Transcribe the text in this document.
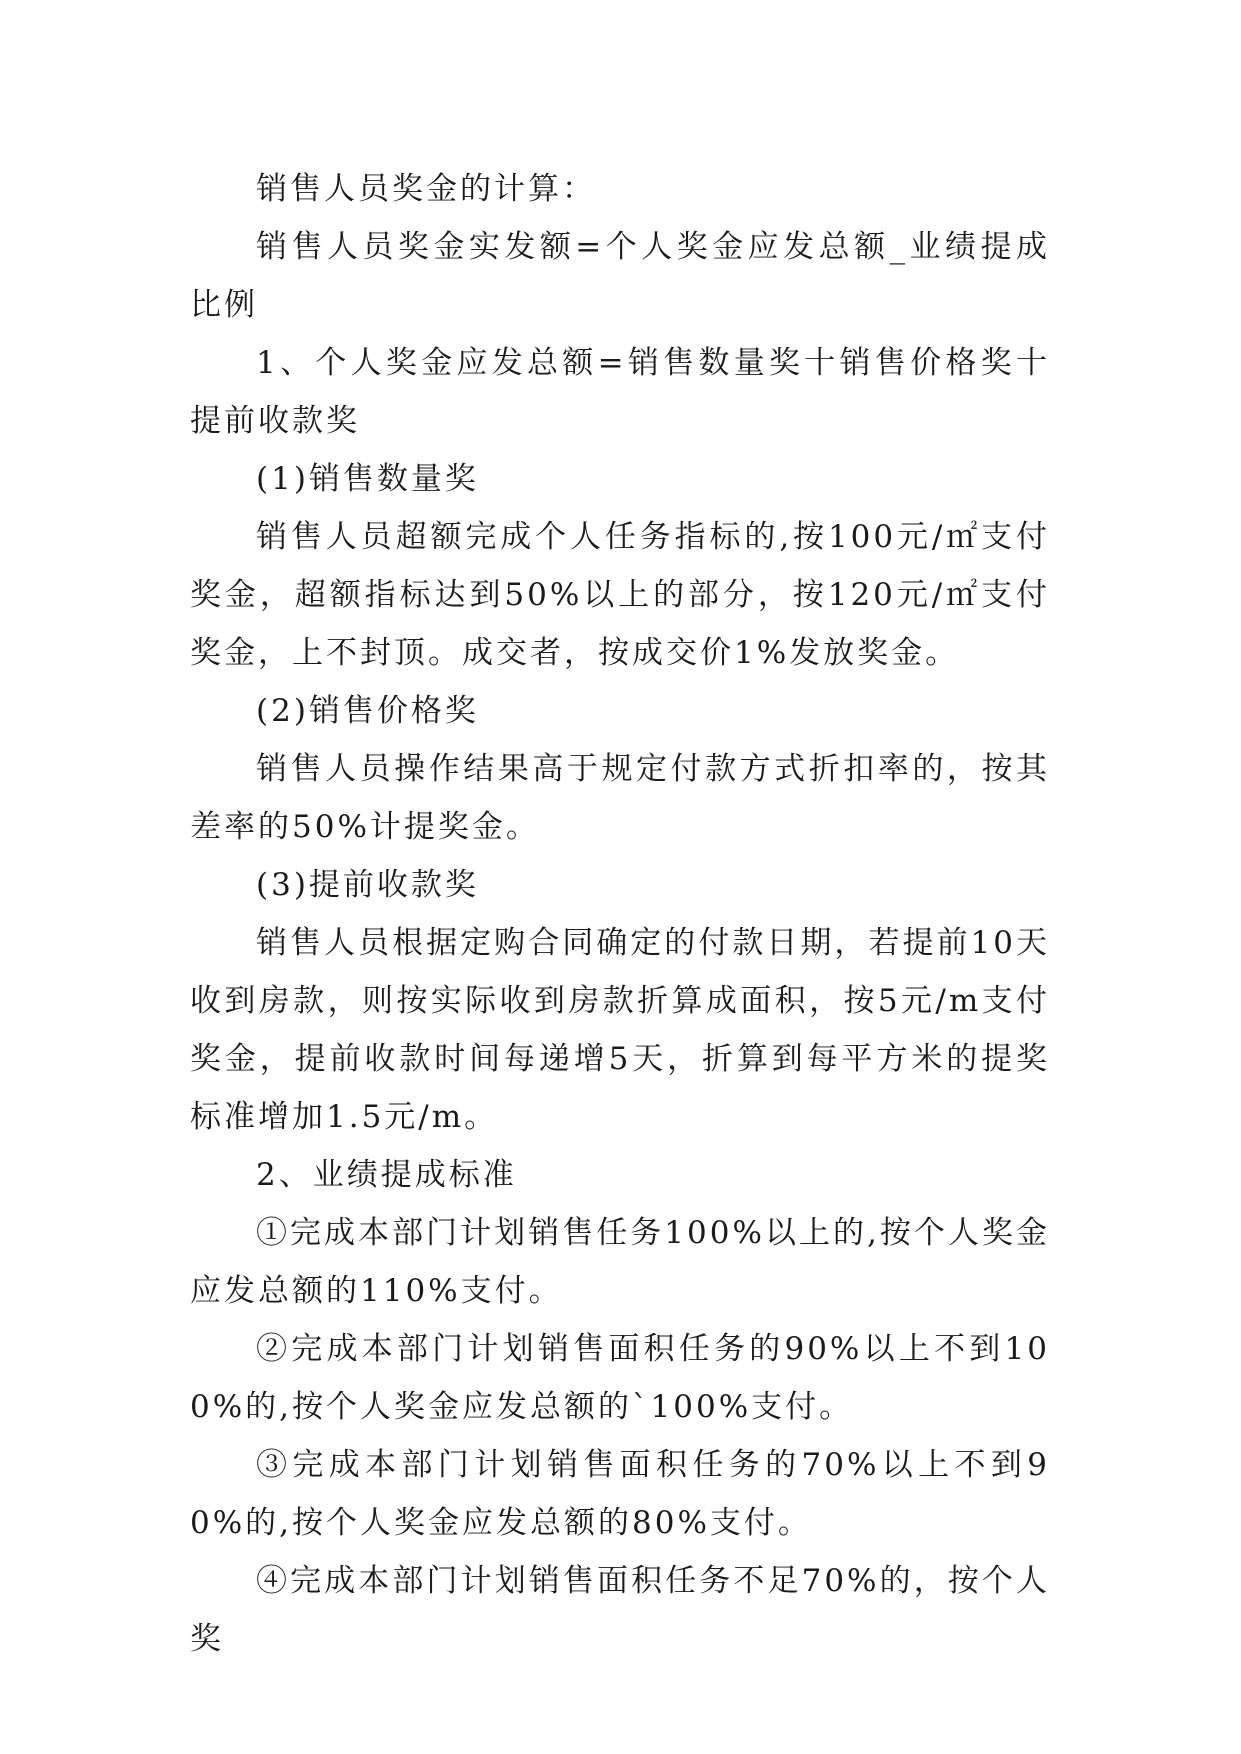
销售人员奖金的计算：

销售人员奖金实发额=个人奖金应发总额_业绩提成比例

1、个人奖金应发总额=销售数量奖十销售价格奖十提前收款奖

(1)销售数量奖

销售人员超额完成个人任务指标的,按100元/㎡支付奖金，超额指标达到50%以上的部分，按120元/㎡支付奖金，上不封顶。成交者，按成交价1%发放奖金。

(2)销售价格奖

销售人员操作结果高于规定付款方式折扣率的，按其差率的50%计提奖金。

(3)提前收款奖

销售人员根据定购合同确定的付款日期，若提前10天收到房款，则按实际收到房款折算成面积，按5元/m支付奖金，提前收款时间每递增5天，折算到每平方米的提奖标准增加1.5元/m。

2、业绩提成标准

①完成本部门计划销售任务100%以上的,按个人奖金应发总额的110%支付。

②完成本部门计划销售面积任务的90%以上不到100%的,按个人奖金应发总额的`100%支付。

③完成本部门计划销售面积任务的70%以上不到90%的,按个人奖金应发总额的80%支付。

④完成本部门计划销售面积任务不足70%的，按个人奖
